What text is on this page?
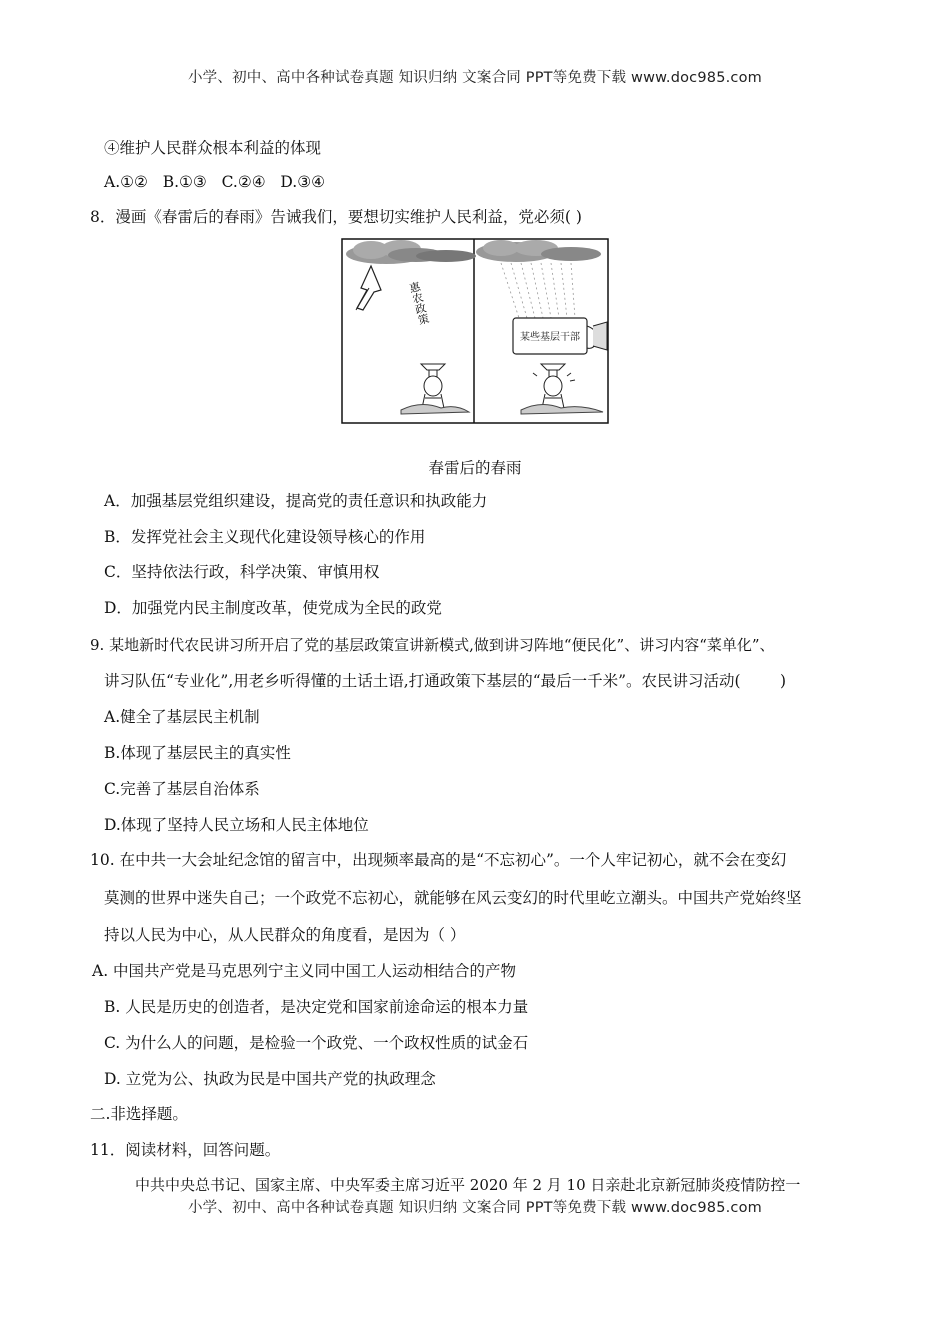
小学、初中、高中各种试卷真题 知识归纳 文案合同 PPT等免费下载 www.doc985.com
④维护人民群众根本利益的体现
A.①②   B.①③   C.②④   D.③④
8．漫画《春雷后的春雨》告诫我们，要想切实维护人民利益，党必须( )
惠农政策
某些基层干部
春雷后的春雨
A．加强基层党组织建设，提高党的责任意识和执政能力
B．发挥党社会主义现代化建设领导核心的作用
C．坚持依法行政，科学决策、审慎用权
D．加强党内民主制度改革，使党成为全民的政党
9. 某地新时代农民讲习所开启了党的基层政策宣讲新模式,做到讲习阵地“便民化”、讲习内容“菜单化”、
讲习队伍“专业化”,用老乡听得懂的土话土语,打通政策下基层的“最后一千米”。农民讲习活动(        )
A.健全了基层民主机制
B.体现了基层民主的真实性
C.完善了基层自治体系
D.体现了坚持人民立场和人民主体地位
10. 在中共一大会址纪念馆的留言中，出现频率最高的是“不忘初心”。一个人牢记初心，就不会在变幻
莫测的世界中迷失自己；一个政党不忘初心，就能够在风云变幻的时代里屹立潮头。中国共产党始终坚
持以人民为中心，从人民群众的角度看，是因为（ ）
A. 中国共产党是马克思列宁主义同中国工人运动相结合的产物
B. 人民是历史的创造者，是决定党和国家前途命运的根本力量
C. 为什么人的问题，是检验一个政党、一个政权性质的试金石
D. 立党为公、执政为民是中国共产党的执政理念
二.非选择题。
11．阅读材料，回答问题。
中共中央总书记、国家主席、中央军委主席习近平 2020 年 2 月 10 日亲赴北京新冠肺炎疫情防控一
小学、初中、高中各种试卷真题 知识归纳 文案合同 PPT等免费下载 www.doc985.com
